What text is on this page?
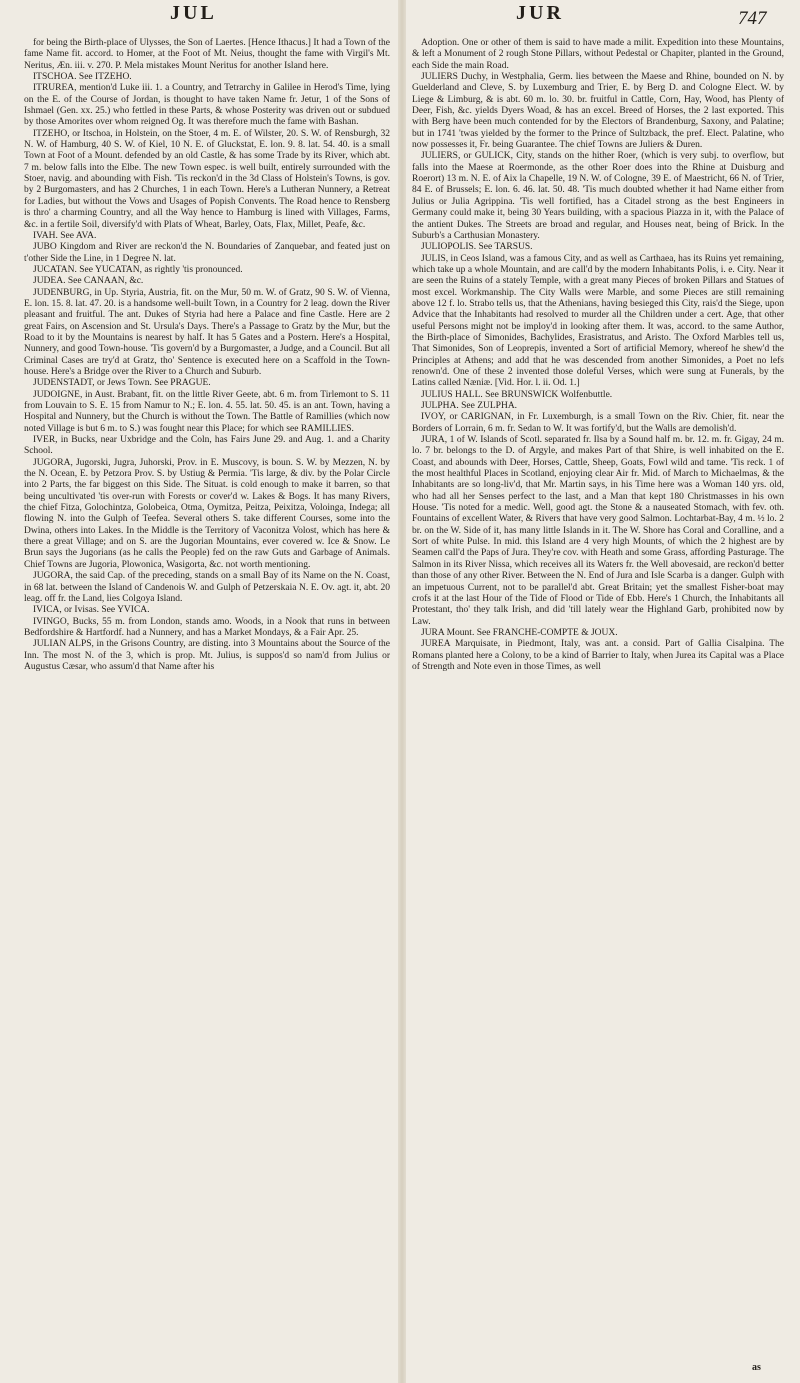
JUL	JUR	747

for being the Birth-place of Ulysses, the Son of Laertes. [Hence Ithacus.] It had a Town of the fame Name fit. accord. to Homer, at the Foot of Mt. Neius, thought the fame with Virgil's Mt. Neritus, Æn. iii. v. 270. P. Mela mistakes Mount Neritus for another Island here.

ITSCHOA. See ITZEHO.

ITRUREA, mention'd Luke iii. 1. a Country, and Tetrarchy in Galilee in Herod's Time, lying on the E. of the Course of Jordan, is thought to have taken Name fr. Jetur, 1 of the Sons of Ishmael (Gen. xx. 25.) who fettled in these Parts, & whose Posterity was driven out or subdued by those Amorites over whom reigned Og. It was therefore much the fame with Bashan.

ITZEHO, or Itschoa, in Holstein, on the Stoer, 4 m. E. of Wilster, 20. S. W. of Rensburgh, 32 N. W. of Hamburg, 40 S. W. of Kiel, 10 N. E. of Gluckstat, E. lon. 9. 8. lat. 54. 40. is a small Town at Foot of a Mount. defended by an old Castle, & has some Trade by its River, which abt. 7 m. below falls into the Elbe. The new Town espec. is well built, entirely surrounded with the Stoer, navig. and abounding with Fish. 'Tis reckon'd in the 3d Class of Holstein's Towns, is gov. by 2 Burgomasters, and has 2 Churches, 1 in each Town. Here's a Lutheran Nunnery, a Retreat for Ladies, but without the Vows and Usages of Popish Convents. The Road hence to Rensberg is thro' a charming Country, and all the Way hence to Hamburg is lined with Villages, Farms, &c. in a fertile Soil, diversify'd with Plats of Wheat, Barley, Oats, Flax, Millet, Peafe, &c.

IVAH. See AVA.

JUBO Kingdom and River are reckon'd the N. Boundaries of Zanquebar, and feated just on t'other Side the Line, in 1 Degree N. lat.

JUCATAN. See YUCATAN, as rightly 'tis pronounced.

JUDEA. See CANAAN, &c.

JUDENBURG, in Up. Styria, Austria, fit. on the Mur, 50 m. W. of Gratz, 90 S. W. of Vienna, E. lon. 15. 8. lat. 47. 20. is a handsome well-built Town, in a Country for 2 leag. down the River pleasant and fruitful. The ant. Dukes of Styria had here a Palace and fine Castle. Here are 2 great Fairs, on Ascension and St. Ursula's Days. There's a Passage to Gratz by the Mur, but the Road to it by the Mountains is nearest by half. It has 5 Gates and a Postern. Here's a Hospital, Nunnery, and good Town-house. 'Tis govern'd by a Burgomaster, a Judge, and a Council. But all Criminal Cases are try'd at Gratz, tho' Sentence is executed here on a Scaffold in the Town-house. Here's a Bridge over the River to a Church and Suburb.

JUDENSTADT, or Jews Town. See PRAGUE.

JUDOIGNE, in Aust. Brabant, fit. on the little River Geete, abt. 6 m. from Tirlemont to S. 11 from Louvain to S. E. 15 from Namur to N.; E. lon. 4. 55. lat. 50. 45. is an ant. Town, having a Hospital and Nunnery, but the Church is without the Town. The Battle of Ramillies (which now noted Village is but 6 m. to S.) was fought near this Place; for which see RAMILLIES.

IVER, in Bucks, near Uxbridge and the Coln, has Fairs June 29. and Aug. 1. and a Charity School.

JUGORA, Jugorski, Jugra, Juhorski, Prov. in E. Muscovy, is boun. S. W. by Mezzen, N. by the N. Ocean, E. by Petzora Prov. S. by Ustiug & Permia. 'Tis large, & div. by the Polar Circle into 2 Parts, the far biggest on this Side. The Situat. is cold enough to make it barren, so that being uncultivated 'tis over-run with Forests or cover'd w. Lakes & Bogs. It has many Rivers, the chief Fitza, Golochintza, Golobeica, Otma, Oymitza, Peitza, Peixitza, Voloinga, Indega; all flowing N. into the Gulph of Teefea. Several others S. take different Courses, some into the Dwina, others into Lakes. In the Middle is the Territory of Vaconitza Volost, which has here & there a great Village; and on S. are the Jugorian Mountains, ever covered w. Ice & Snow. Le Brun says the Jugorians (as he calls the People) fed on the raw Guts and Garbage of Animals. Chief Towns are Jugoria, Plowonica, Wasigorta, &c. not worth mentioning.

JUGORA, the said Cap. of the preceding, stands on a small Bay of its Name on the N. Coast, in 68 lat. between the Island of Candenois W. and Gulph of Petzerskaia N. E. Ov. agt. it, abt. 20 leag. off fr. the Land, lies Colgoya Island.

IVICA, or Ivisas. See YVICA.

IVINGO, Bucks, 55 m. from London, stands amo. Woods, in a Nook that runs in between Bedfordshire & Hartfordf. had a Nunnery, and has a Market Mondays, & a Fair Apr. 25.

JULIAN ALPS, in the Grisons Country, are disting. into 3 Mountains about the Source of the Inn. The most N. of the 3, which is prop. Mt. Julius, is suppos'd so nam'd from Julius or Augustus Cæsar, who assum'd that Name after his

Adoption. One or other of them is said to have made a milit. Expedition into these Mountains, & left a Monument of 2 rough Stone Pillars, without Pedestal or Chapiter, planted in the Ground, each Side the main Road.

JULIERS Duchy, in Westphalia, Germ. lies between the Maese and Rhine, bounded on N. by Guelderland and Cleve, S. by Luxemburg and Trier, E. by Berg D. and Cologne Elect. W. by Liege & Limburg, & is abt. 60 m. lo. 30. br. fruitful in Cattle, Corn, Hay, Wood, has Plenty of Deer, Fish, &c. yields Dyers Woad, & has an excel. Breed of Horses, the 2 last exported. This with Berg have been much contended for by the Electors of Brandenburg, Saxony, and Palatine; but in 1741 'twas yielded by the former to the Prince of Sultzback, the pref. Elect. Palatine, who now possesses it, Fr. being Guarantee. The chief Towns are Juliers & Duren.

JULIERS, or GULICK, City, stands on the hither Roer, (which is very subj. to overflow, but falls into the Maese at Roermonde, as the other Roer does into the Rhine at Duisburg and Roerort) 13 m. N. E. of Aix la Chapelle, 19 N. W. of Cologne, 39 E. of Maestricht, 66 N. of Trier, 84 E. of Brussels; E. lon. 6. 46. lat. 50. 48. 'Tis much doubted whether it had Name either from Julius or Julia Agrippina. 'Tis well fortified, has a Citadel strong as the best Engineers in Germany could make it, being 30 Years building, with a spacious Piazza in it, with the Palace of the antient Dukes. The Streets are broad and regular, and Houses neat, being of Brick. In the Suburb's a Carthusian Monastery.

JULIOPOLIS. See TARSUS.

JULIS, in Ceos Island, was a famous City, and as well as Carthaea, has its Ruins yet remaining, which take up a whole Mountain, and are call'd by the modern Inhabitants Polis, i. e. City. Near it are seen the Ruins of a stately Temple, with a great many Pieces of broken Pillars and Statues of most excel. Workmanship. The City Walls were Marble, and some Pieces are still remaining above 12 f. lo. Strabo tells us, that the Athenians, having besieged this City, rais'd the Siege, upon Advice that the Inhabitants had resolved to murder all the Children under a cert. Age, that other useful Persons might not be imploy'd in looking after them. It was, accord. to the same Author, the Birth-place of Simonides, Bachylides, Erasistratus, and Aristo. The Oxford Marbles tell us, That Simonides, Son of Leoprepis, invented a Sort of artificial Memory, whereof he shew'd the Principles at Athens; and add that he was descended from another Simonides, a Poet no lefs renown'd. One of these 2 invented those doleful Verses, which were sung at Funerals, by the Latins called Næniæ. [Vid. Hor. l. ii. Od. 1.]

JULIUS HALL. See BRUNSWICK Wolfenbuttle.

JULPHA. See ZULPHA.

IVOY, or CARIGNAN, in Fr. Luxemburgh, is a small Town on the Riv. Chier, fit. near the Borders of Lorrain, 6 m. fr. Sedan to W. It was fortify'd, but the Walls are demolish'd.

JURA, 1 of W. Islands of Scotl. separated fr. Ilsa by a Sound half m. br. 12. m. fr. Gigay, 24 m. lo. 7 br. belongs to the D. of Argyle, and makes Part of that Shire, is well inhabited on the E. Coast, and abounds with Deer, Horses, Cattle, Sheep, Goats, Fowl wild and tame. 'Tis reck. 1 of the most healthful Places in Scotland, enjoying clear Air fr. Mid. of March to Michaelmas, & the Inhabitants are so long-liv'd, that Mr. Martin says, in his Time here was a Woman 140 yrs. old, who had all her Senses perfect to the last, and a Man that kept 180 Christmasses in his own House. 'Tis noted for a medic. Well, good agt. the Stone & a nauseated Stomach, with fev. oth. Fountains of excellent Water, & Rivers that have very good Salmon. Lochtarbat-Bay, 4 m. ½ lo. 2 br. on the W. Side of it, has many little Islands in it. The W. Shore has Coral and Coralline, and a Sort of white Pulse. In mid. this Island are 4 very high Mounts, of which the 2 highest are by Seamen call'd the Paps of Jura. They're cov. with Heath and some Grass, affording Pasturage. The Salmon in its River Nissa, which receives all its Waters fr. the Well abovesaid, are reckon'd better than those of any other River. Between the N. End of Jura and Isle Scarba is a danger. Gulph with an impetuous Current, not to be parallel'd abt. Great Britain; yet the smallest Fisher-boat may crofs it at the last Hour of the Tide of Flood or Tide of Ebb. Here's 1 Church, the Inhabitants all Protestant, tho' they talk Irish, and did 'till lately wear the Highland Garb, prohibited now by Law.

JURA Mount. See FRANCHE-COMPTE & JOUX.

JUREA Marquisate, in Piedmont, Italy, was ant. a consid. Part of Gallia Cisalpina. The Romans planted here a Colony, to be a kind of Barrier to Italy, when Jurea its Capital was a Place of Strength and Note even in those Times, as well

as
